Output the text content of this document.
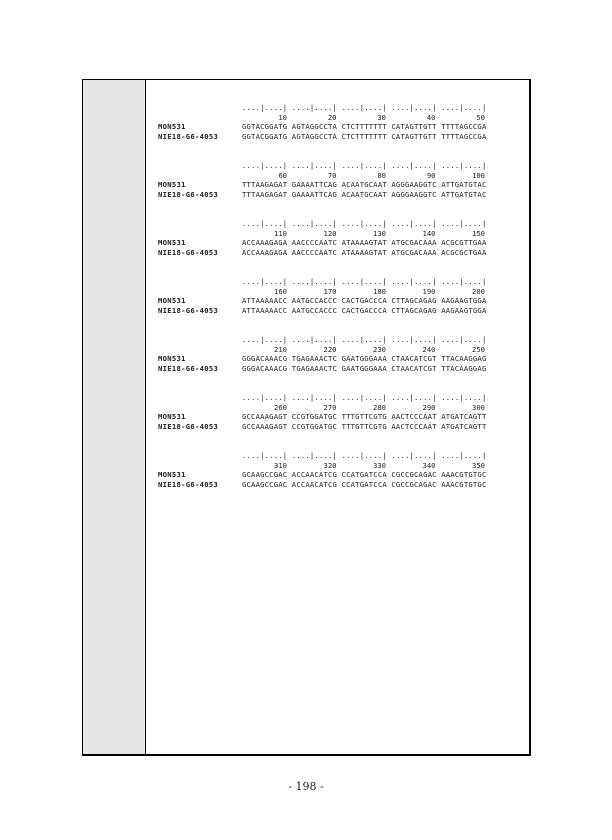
....|....| ....|....| ....|....| ....|....| ....|....|
10	20	30	40	50
MON531	GGTACGGATG AGTAGGCCTA CTCTTTTTTT CATAGTTGTT TTTTAGCCGA
NIE18-G6-4053	GGTACGGATG AGTAGGCCTA CTCTTTTTTT CATAGTTGTT TTTTAGCCGA
....|....| ....|....| ....|....| ....|....| ....|....|
60	70	80	90	100
MON531	TTTAAGAGAT GAAAATTCAG ACAATGCAAT AGGGAAGGTC ATTGATGTAC
NIE18-G6-4053	TTTAAGAGAT GAAAATTCAG ACAATGCAAT AGGGAAGGTC ATTGATGTAC
....|....| ....|....| ....|....| ....|....| ....|....|
110	120	130	140	150
MON531	ACCAAAGAGA AACCCCAATC ATAAAAGTAT ATGCGACAAA ACGCGTTGAA
NIE18-G6-4053	ACCAAAGAGA AACCCCAATC ATAAAAGTAT ATGCGACAAA ACGCGCTGAA
....|....| ....|....| ....|....| ....|....| ....|....|
160	170	180	190	200
MON531	ATTAAAAACC AATGCCACCC CACTGACCCA CTTAGCAGAG AAGAAGTGGA
NIE18-G6-4053	ATTAAAAACC AATGCCACCC CACTGACCCA CTTAGCAGAG AAGAAGTGGA
....|....| ....|....| ....|....| ....|....| ....|....|
210	220	230	240	250
MON531	GGGACAAACG TGAGAAACTC GAATGGGAAA CTAACATCGT TTACAAGGAG
NIE18-G6-4053	GGGACAAACG TGAGAAACTC GAATGGGAAA CTAACATCGT TTACAAGGAG
....|....| ....|....| ....|....| ....|....| ....|....|
260	270	280	290	300
MON531	GCCAAAGAGT CCGTGGATGC TTTGTTCGTG AACTCCCAAT ATGATCAGTT
NIE18-G6-4053	GCCAAAGAGT CCGTGGATGC TTTGTTCGTG AACTCCCAAT ATGATCAGTT
....|....| ....|....| ....|....| ....|....| ....|....|
310	320	330	340	350
MON531	GCAAGCCGAC ACCAACATCG CCATGATCCA CGCCGCAGAC AAACGTGTGC
NIE18-G6-4053	GCAAGCCGAC ACCAACATCG CCATGATCCA CGCCGCAGAC AAACGTGTGC
- 198 -
